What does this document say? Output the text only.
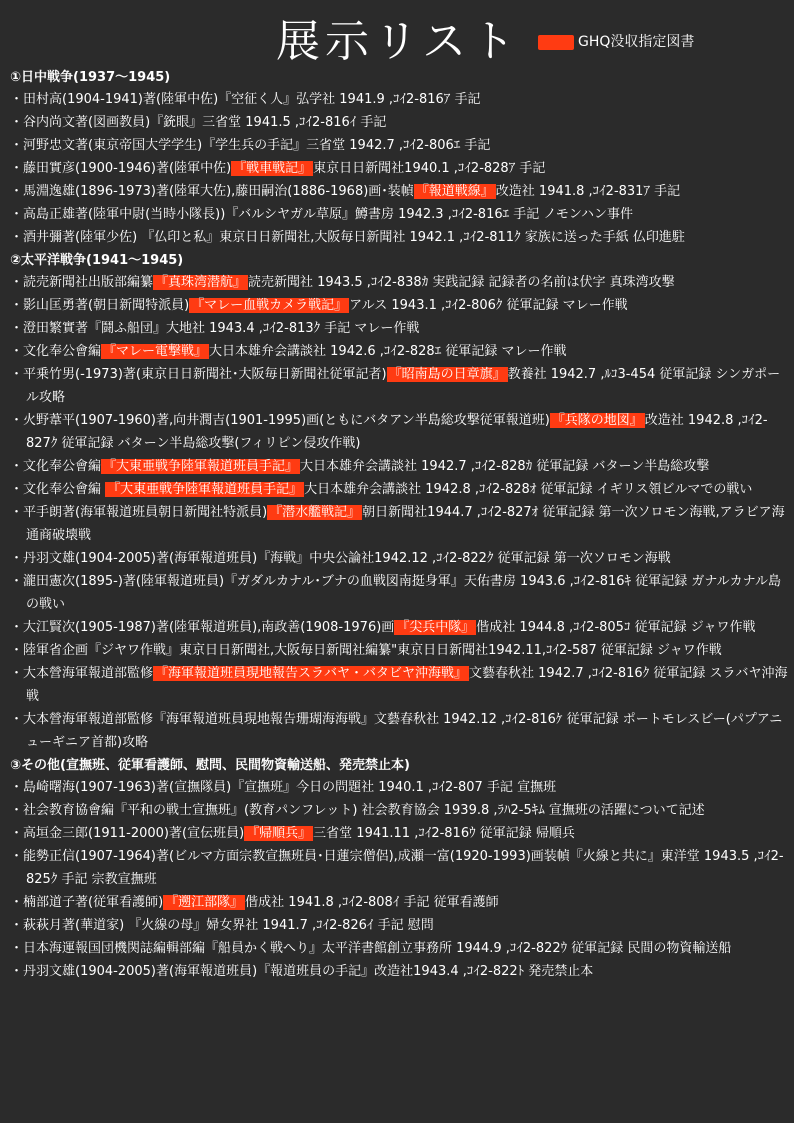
展示リスト	GHQ没収指定図書
①日中戦争(1937〜1945)
・田村高(1904-1941)著(陸軍中佐)『空征く人』弘学社 1941.9 ,ｺｲ2-816ｱ 手記
・谷内尚文著(図画教員)『銃眼』三省堂 1941.5 ,ｺｲ2-816ｲ 手記
・河野忠文著(東京帝国大学学生)『学生兵の手記』三省堂 1942.7 ,ｺｲ2-806ｴ 手記
・藤田實彦(1900-1946)著(陸軍中佐) 『戦車戦記』 東京日日新聞社1940.1 ,ｺｲ2-828ｱ 手記
・馬淵逸雄(1896-1973)著(陸軍大佐),藤田嗣治(1886-1968)画･装幀 『報道戦線』 改造社 1941.8 ,ｺｲ2-831ｱ 手記
・高島正雄著(陸軍中尉(当時小隊長))『バルシヤガル草原』鱒書房 1942.3 ,ｺｲ2-816ｴ 手記 ノモンハン事件
・酒井彌著(陸軍少佐) 『仏印と私』東京日日新聞社,大阪毎日新聞社 1942.1 ,ｺｲ2-811ｸ 家族に送った手紙 仏印進駐
②太平洋戦争(1941〜1945)
・読売新聞社出版部編纂 『真珠湾潜航』 読売新聞社 1943.5 ,ｺｲ2-838ｶ 実践記録 記録者の名前は伏字 真珠湾攻撃
・影山匡勇著(朝日新聞特派員) 『マレー血戦カメラ戦記』 アルス 1943.1 ,ｺｲ2-806ｸ 従軍記録 マレー作戦
・澄田繁實著『鬪ふ船団』大地社 1943.4 ,ｺｲ2-813ｸ 手記 マレー作戦
・文化奉公會編 『マレー電撃戦』 大日本雄弁会講談社 1942.6 ,ｺｲ2-828ｴ 従軍記録 マレー作戦
・平乗竹男(-1973)著(東京日日新聞社･大阪毎日新聞社従軍記者) 『昭南島の日章旗』 教養社 1942.7 ,ﾙｺ3-454 従軍記録 シンガポール攻略
・火野葦平(1907-1960)著,向井潤吉(1901-1995)画(ともにバタアン半島総攻撃従軍報道班) 『兵隊の地図』 改造社 1942.8 ,ｺｲ2-827ｸ 従軍記録 バターン半島総攻撃(フィリピン侵攻作戦)
・文化奉公會編 『大東亜戦争陸軍報道班員手記』 大日本雄弁会講談社 1942.7 ,ｺｲ2-828ｶ 従軍記録 バターン半島総攻撃
・文化奉公會編 『大東亜戦争陸軍報道班員手記』 大日本雄弁会講談社 1942.8 ,ｺｲ2-828ｵ 従軍記録 イギリス領ビルマでの戦い
・平手朗著(海軍報道班員朝日新聞社特派員) 『潜水艦戦記』 朝日新聞社1944.7 ,ｺｲ2-827ｵ 従軍記録 第一次ソロモン海戦,アラビア海通商破壊戦
・丹羽文雄(1904-2005)著(海軍報道班員)『海戦』中央公論社1942.12 ,ｺｲ2-822ｸ 従軍記録 第一次ソロモン海戦
・瀧田憲次(1895-)著(陸軍報道班員)『ガダルカナル･ブナの血戦図南挺身軍』天佑書房 1943.6 ,ｺｲ2-816ｷ 従軍記録 ガナルカナル島の戦い
・大江賢次(1905-1987)著(陸軍報道班員),南政善(1908-1976)画 『尖兵中隊』 偕成社 1944.8 ,ｺｲ2-805ｺ 従軍記録 ジャワ作戦
・陸軍省企画『ジヤワ作戦』東京日日新聞社,大阪毎日新聞社編纂"東京日日新聞社1942.11,ｺｲ2-587 従軍記録 ジャワ作戦
・大本營海軍報道部監修 『海軍報道班員現地報告スラバヤ・バタビヤ沖海戦』 文藝春秋社 1942.7 ,ｺｲ2-816ｸ 従軍記録 スラバヤ沖海戦
・大本營海軍報道部監修『海軍報道班員現地報告珊瑚海海戦』文藝春秋社 1942.12 ,ｺｲ2-816ｹ 従軍記録 ポートモレスビー(パプアニューギニア首都)攻略
③その他(宣撫班、従軍看護師、慰問、民間物資輸送船、発売禁止本)
・島崎曙海(1907-1963)著(宣撫隊員)『宣撫班』今日の問題社 1940.1 ,ｺｲ2-807 手記 宣撫班
・社会教育協會編『平和の戦士宣撫班』(教育パンフレット) 社会教育協会 1939.8 ,ﾗﾊ2-5ｷﾑ 宣撫班の活躍について記述
・高垣金三郎(1911-2000)著(宣伝班員) 『帰順兵』 三省堂 1941.11 ,ｺｲ2-816ｳ 従軍記録 帰順兵
・能勢正信(1907-1964)著(ビルマ方面宗教宣撫班員･日蓮宗僧侶),成瀬一富(1920-1993)画装幀『火線と共に』東洋堂 1943.5 ,ｺｲ2-825ｸ 手記 宗教宣撫班
・楠部道子著(従軍看護師) 『遡江部隊』 偕成社 1941.8 ,ｺｲ2-808ｲ 手記 従軍看護師
・萩萩月著(華道家) 『火線の母』婦女界社 1941.7 ,ｺｲ2-826ｲ 手記 慰問
・日本海運報国団機関誌編輯部編『船員かく戦へり』太平洋書館創立事務所 1944.9 ,ｺｲ2-822ｳ 従軍記録 民間の物資輸送船
・丹羽文雄(1904-2005)著(海軍報道班員)『報道班員の手記』改造社1943.4 ,ｺｲ2-822ﾄ 発売禁止本
